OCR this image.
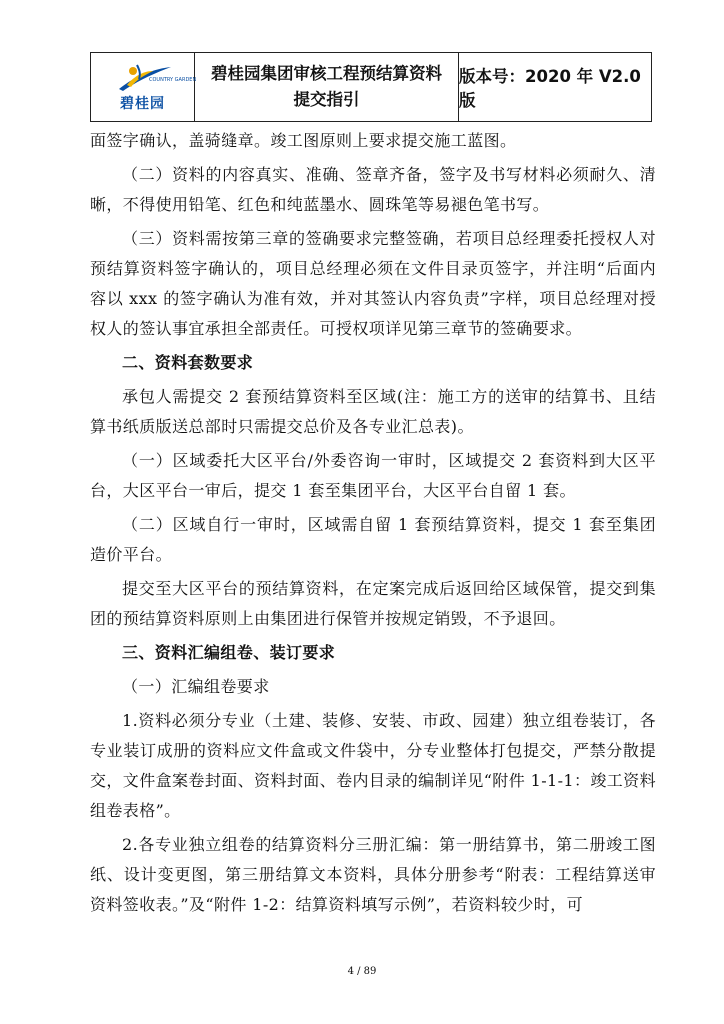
COUNTRY GARDEN
碧桂园
碧桂园集团审核工程预结算资料
提交指引
版本号：2020 年 V2.0 版

面签字确认，盖骑缝章。竣工图原则上要求提交施工蓝图。

（二）资料的内容真实、准确、签章齐备，签字及书写材料必须耐久、清晰，不得使用铅笔、红色和纯蓝墨水、圆珠笔等易褪色笔书写。

（三）资料需按第三章的签确要求完整签确，若项目总经理委托授权人对预结算资料签字确认的，项目总经理必须在文件目录页签字，并注明“后面内容以 xxx 的签字确认为准有效，并对其签认内容负责”字样，项目总经理对授权人的签认事宜承担全部责任。可授权项详见第三章节的签确要求。

二、资料套数要求

承包人需提交 2 套预结算资料至区域(注：施工方的送审的结算书、且结算书纸质版送总部时只需提交总价及各专业汇总表)。

（一）区域委托大区平台/外委咨询一审时，区域提交 2 套资料到大区平台，大区平台一审后，提交 1 套至集团平台，大区平台自留 1 套。

（二）区域自行一审时，区域需自留 1 套预结算资料，提交 1 套至集团造价平台。

提交至大区平台的预结算资料，在定案完成后返回给区域保管，提交到集团的预结算资料原则上由集团进行保管并按规定销毁，不予退回。

三、资料汇编组卷、装订要求

（一）汇编组卷要求

1.资料必须分专业（土建、装修、安装、市政、园建）独立组卷装订，各专业装订成册的资料应文件盒或文件袋中，分专业整体打包提交，严禁分散提交，文件盒案卷封面、资料封面、卷内目录的编制详见“附件 1-1-1：竣工资料组卷表格”。

2.各专业独立组卷的结算资料分三册汇编：第一册结算书，第二册竣工图纸、设计变更图，第三册结算文本资料，具体分册参考“附表：工程结算送审资料签收表。”及“附件 1-2：结算资料填写示例”，若资料较少时，可

4 / 89
